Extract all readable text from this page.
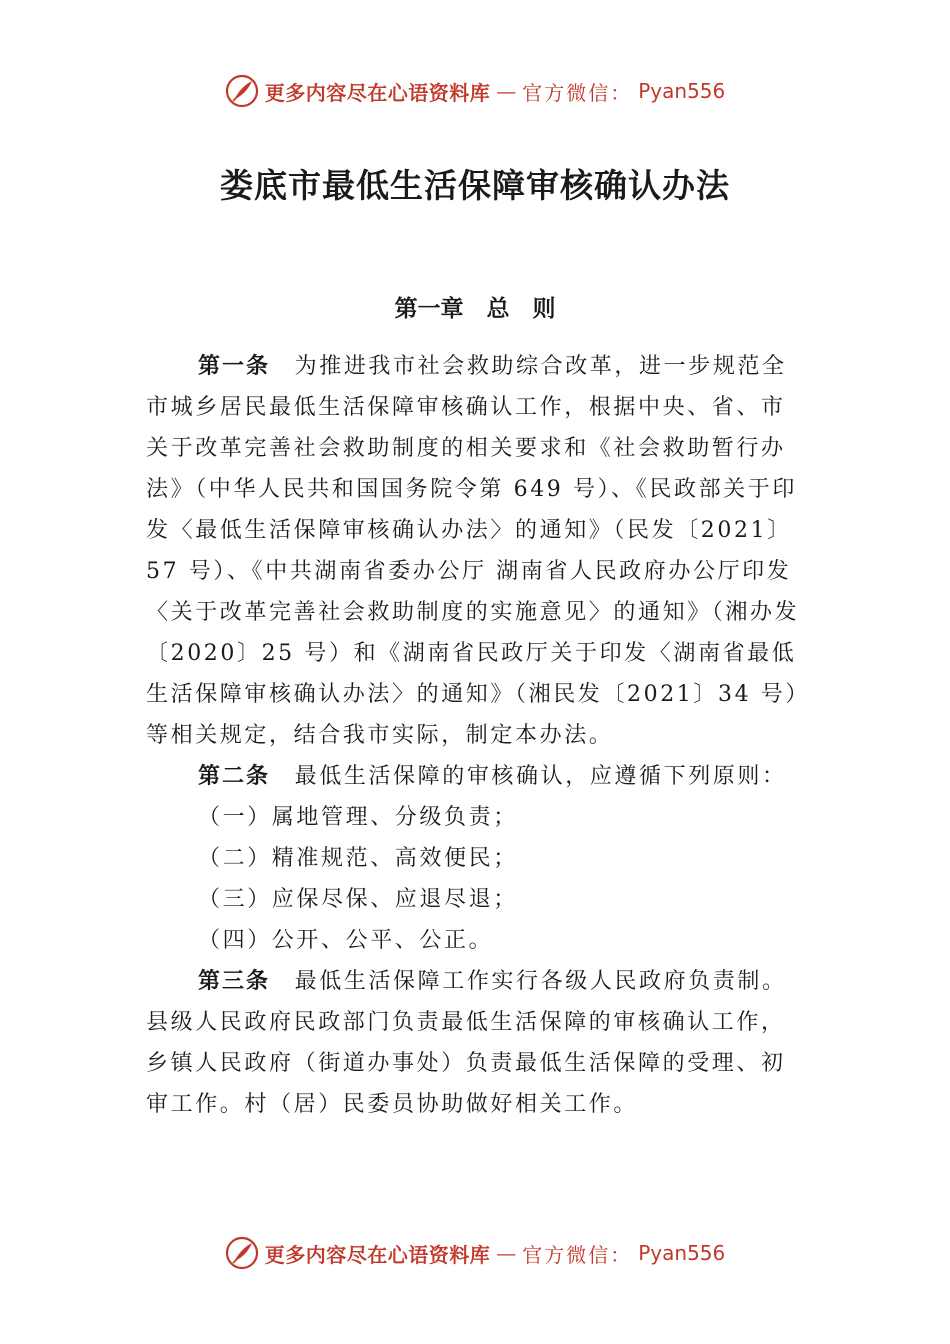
更多内容尽在心语资料库 — 官方微信： Pyan556
娄底市最低生活保障审核确认办法
第一章　总　则

第一条　 为推进我市社会救助综合改革，进一步规范全市城乡居民最低生活保障审核确认工作，根据中央、省、市 关于改革完善社会救助制度的相关要求和《社会救助暂行办法》（中华人民共和国国务院令第 649 号）、《民政部关于印发〈最低生活保障审核确认办法〉的通知》（民发〔2021〕57 号）、《中共湖南省委办公厅 湖南省人民政府办公厅印发〈关于改革完善社会救助制度的实施意见〉的通知》（湘办发〔2020〕25 号）和《湖南省民政厅关于印发〈湖南省最低生活保障审核确认办法〉的通知》（湘民发〔2021〕34 号）等相关规定，结合我市实际，制定本办法。

第二条　 最低生活保障的审核确认，应遵循下列原则：

（一）属地管理、分级负责；

（二）精准规范、高效便民；

（三）应保尽保、应退尽退；

（四）公开、公平、公正。

第三条　 最低生活保障工作实行各级人民政府负责制。县级人民政府民政部门负责最低生活保障的审核确认工作，乡镇人民政府（街道办事处）负责最低生活保障的受理、初审工作。村（居）民委员协助做好相关工作。

更多内容尽在心语资料库 — 官方微信： Pyan556
